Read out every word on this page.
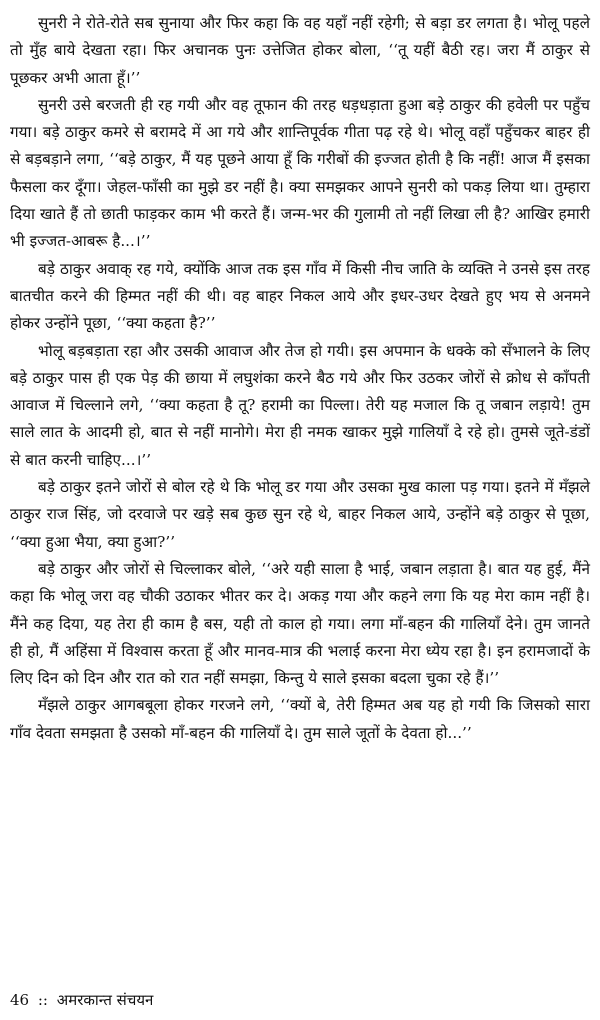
सुनरी ने रोते-रोते सब सुनाया और फिर कहा कि वह यहाँ नहीं रहेगी; से बड़ा डर लगता है। भोलू पहले तो मुँह बाये देखता रहा। फिर अचानक पुनः उत्तेजित होकर बोला, ‘‘तू यहीं बैठी रह। जरा मैं ठाकुर से पूछकर अभी आता हूँ।’’

सुनरी उसे बरजती ही रह गयी और वह तूफान की तरह धड़धड़ाता हुआ बड़े ठाकुर की हवेली पर पहुँच गया। बड़े ठाकुर कमरे से बरामदे में आ गये और शान्तिपूर्वक गीता पढ़ रहे थे। भोलू वहाँ पहुँचकर बाहर ही से बड़बड़ाने लगा, ‘‘बड़े ठाकुर, मैं यह पूछने आया हूँ कि गरीबों की इज्जत होती है कि नहीं! आज मैं इसका फैसला कर दूँगा। जेहल-फाँसी का मुझे डर नहीं है। क्या समझकर आपने सुनरी को पकड़ लिया था। तुम्हारा दिया खाते हैं तो छाती फाड़कर काम भी करते हैं। जन्म-भर की गुलामी तो नहीं लिखा ली है? आखिर हमारी भी इज्जत-आबरू है...।’’

बड़े ठाकुर अवाक् रह गये, क्योंकि आज तक इस गाँव में किसी नीच जाति के व्यक्ति ने उनसे इस तरह बातचीत करने की हिम्मत नहीं की थी। वह बाहर निकल आये और इधर-उधर देखते हुए भय से अनमने होकर उन्होंने पूछा, ‘‘क्या कहता है?’’

भोलू बड़बड़ाता रहा और उसकी आवाज और तेज हो गयी। इस अपमान के धक्के को सँभालने के लिए बड़े ठाकुर पास ही एक पेड़ की छाया में लघुशंका करने बैठ गये और फिर उठकर जोरों से क्रोध से काँपती आवाज में चिल्लाने लगे, ‘‘क्या कहता है तू? हरामी का पिल्ला। तेरी यह मजाल कि तू जबान लड़ाये! तुम साले लात के आदमी हो, बात से नहीं मानोगे। मेरा ही नमक खाकर मुझे गालियाँ दे रहे हो। तुमसे जूते-डंडों से बात करनी चाहिए...।’’

बड़े ठाकुर इतने जोरों से बोल रहे थे कि भोलू डर गया और उसका मुख काला पड़ गया। इतने में मँझले ठाकुर राज सिंह, जो दरवाजे पर खड़े सब कुछ सुन रहे थे, बाहर निकल आये, उन्होंने बड़े ठाकुर से पूछा, ‘‘क्या हुआ भैया, क्या हुआ?’’

बड़े ठाकुर और जोरों से चिल्लाकर बोले, ‘‘अरे यही साला है भाई, जबान लड़ाता है। बात यह हुई, मैंने कहा कि भोलू जरा वह चौकी उठाकर भीतर कर दे। अकड़ गया और कहने लगा कि यह मेरा काम नहीं है। मैंने कह दिया, यह तेरा ही काम है बस, यही तो काल हो गया। लगा माँ-बहन की गालियाँ देने। तुम जानते ही हो, मैं अहिंसा में विश्वास करता हूँ और मानव-मात्र की भलाई करना मेरा ध्येय रहा है। इन हरामजादों के लिए दिन को दिन और रात को रात नहीं समझा, किन्तु ये साले इसका बदला चुका रहे हैं।’’

मँझले ठाकुर आगबबूला होकर गरजने लगे, ‘‘क्यों बे, तेरी हिम्मत अब यह हो गयी कि जिसको सारा गाँव देवता समझता है उसको माँ-बहन की गालियाँ दे। तुम साले जूतों के देवता हो...’’

46 :: अमरकान्त संचयन
